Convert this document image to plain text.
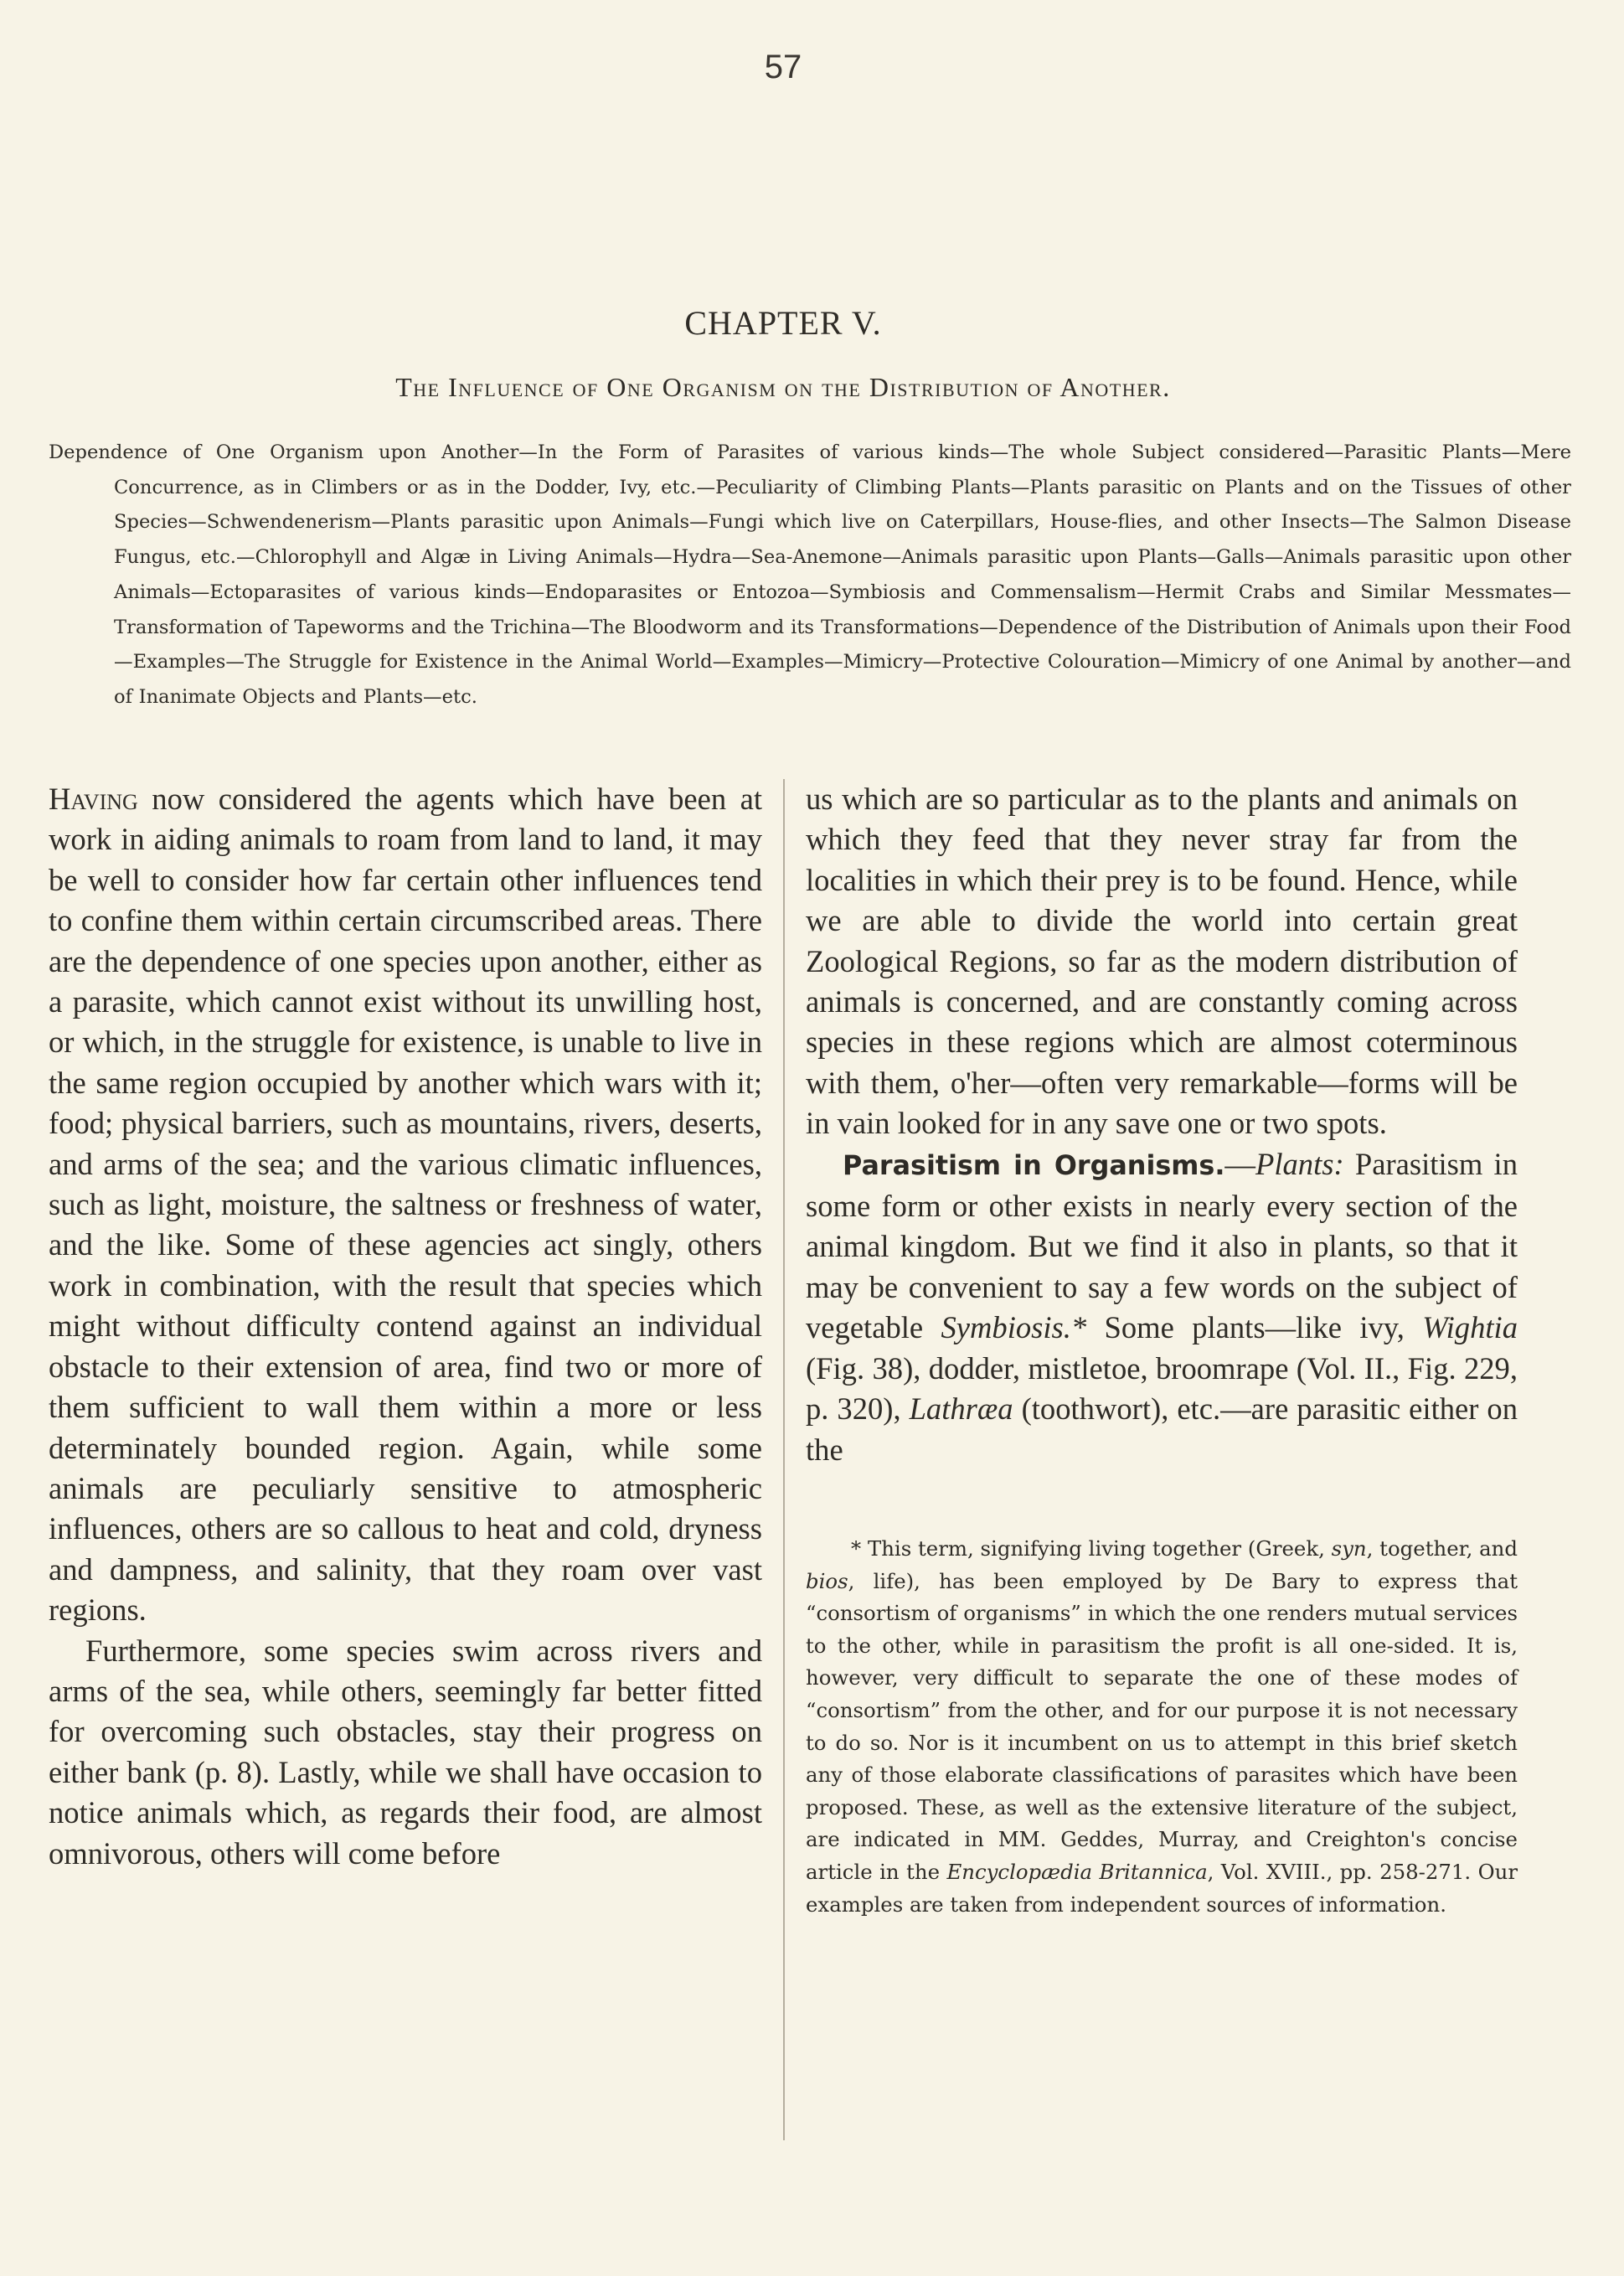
57
CHAPTER V.
The Influence of One Organism on the Distribution of Another.
Dependence of One Organism upon Another—In the Form of Parasites of various kinds—The whole Subject considered—Parasitic Plants—Mere Concurrence, as in Climbers or as in the Dodder, Ivy, etc.—Peculiarity of Climbing Plants—Plants parasitic on Plants and on the Tissues of other Species—Schwendenerism—Plants parasitic upon Animals—Fungi which live on Caterpillars, House-flies, and other Insects—The Salmon Disease Fungus, etc.—Chlorophyll and Algæ in Living Animals—Hydra—Sea-Anemone—Animals parasitic upon Plants—Galls—Animals parasitic upon other Animals—Ectoparasites of various kinds—Endoparasites or Entozoa—Symbiosis and Commensalism—Hermit Crabs and Similar Messmates—Transformation of Tapeworms and the Trichina—The Bloodworm and its Transformations—Dependence of the Distribution of Animals upon their Food—Examples—The Struggle for Existence in the Animal World—Examples—Mimicry—Protective Colouration—Mimicry of one Animal by another—and of Inanimate Objects and Plants—etc.

Having now considered the agents which have been at work in aiding animals to roam from land to land, it may be well to consider how far certain other influences tend to confine them within certain circumscribed areas. There are the dependence of one species upon another, either as a parasite, which cannot exist without its unwilling host, or which, in the struggle for existence, is unable to live in the same region occupied by another which wars with it; food; physical barriers, such as mountains, rivers, deserts, and arms of the sea; and the various climatic influences, such as light, moisture, the saltness or freshness of water, and the like. Some of these agencies act singly, others work in combination, with the result that species which might without difficulty contend against an individual obstacle to their extension of area, find two or more of them sufficient to wall them within a more or less determinately bounded region. Again, while some animals are peculiarly sensitive to atmospheric influences, others are so callous to heat and cold, dryness and dampness, and salinity, that they roam over vast regions.

Furthermore, some species swim across rivers and arms of the sea, while others, seemingly far better fitted for overcoming such obstacles, stay their progress on either bank (p. 8). Lastly, while we shall have occasion to notice animals which, as regards their food, are almost omnivorous, others will come before

us which are so particular as to the plants and animals on which they feed that they never stray far from the localities in which their prey is to be found. Hence, while we are able to divide the world into certain great Zoological Regions, so far as the modern distribution of animals is concerned, and are constantly coming across species in these regions which are almost coterminous with them, o'her—often very remarkable—forms will be in vain looked for in any save one or two spots.

Parasitism in Organisms.—Plants: Parasitism in some form or other exists in nearly every section of the animal kingdom. But we find it also in plants, so that it may be convenient to say a few words on the subject of vegetable Symbiosis.* Some plants—like ivy, Wightia (Fig. 38), dodder, mistletoe, broomrape (Vol. II., Fig. 229, p. 320), Lathræa (toothwort), etc.—are parasitic either on the

* This term, signifying living together (Greek, syn, together, and bios, life), has been employed by De Bary to express that “consortism of organisms” in which the one renders mutual services to the other, while in parasitism the profit is all one-sided. It is, however, very difficult to separate the one of these modes of “consortism” from the other, and for our purpose it is not necessary to do so. Nor is it incumbent on us to attempt in this brief sketch any of those elaborate classifications of parasites which have been proposed. These, as well as the extensive literature of the subject, are indicated in MM. Geddes, Murray, and Creighton's concise article in the Encyclopædia Britannica, Vol. XVIII., pp. 258-271. Our examples are taken from independent sources of information.
